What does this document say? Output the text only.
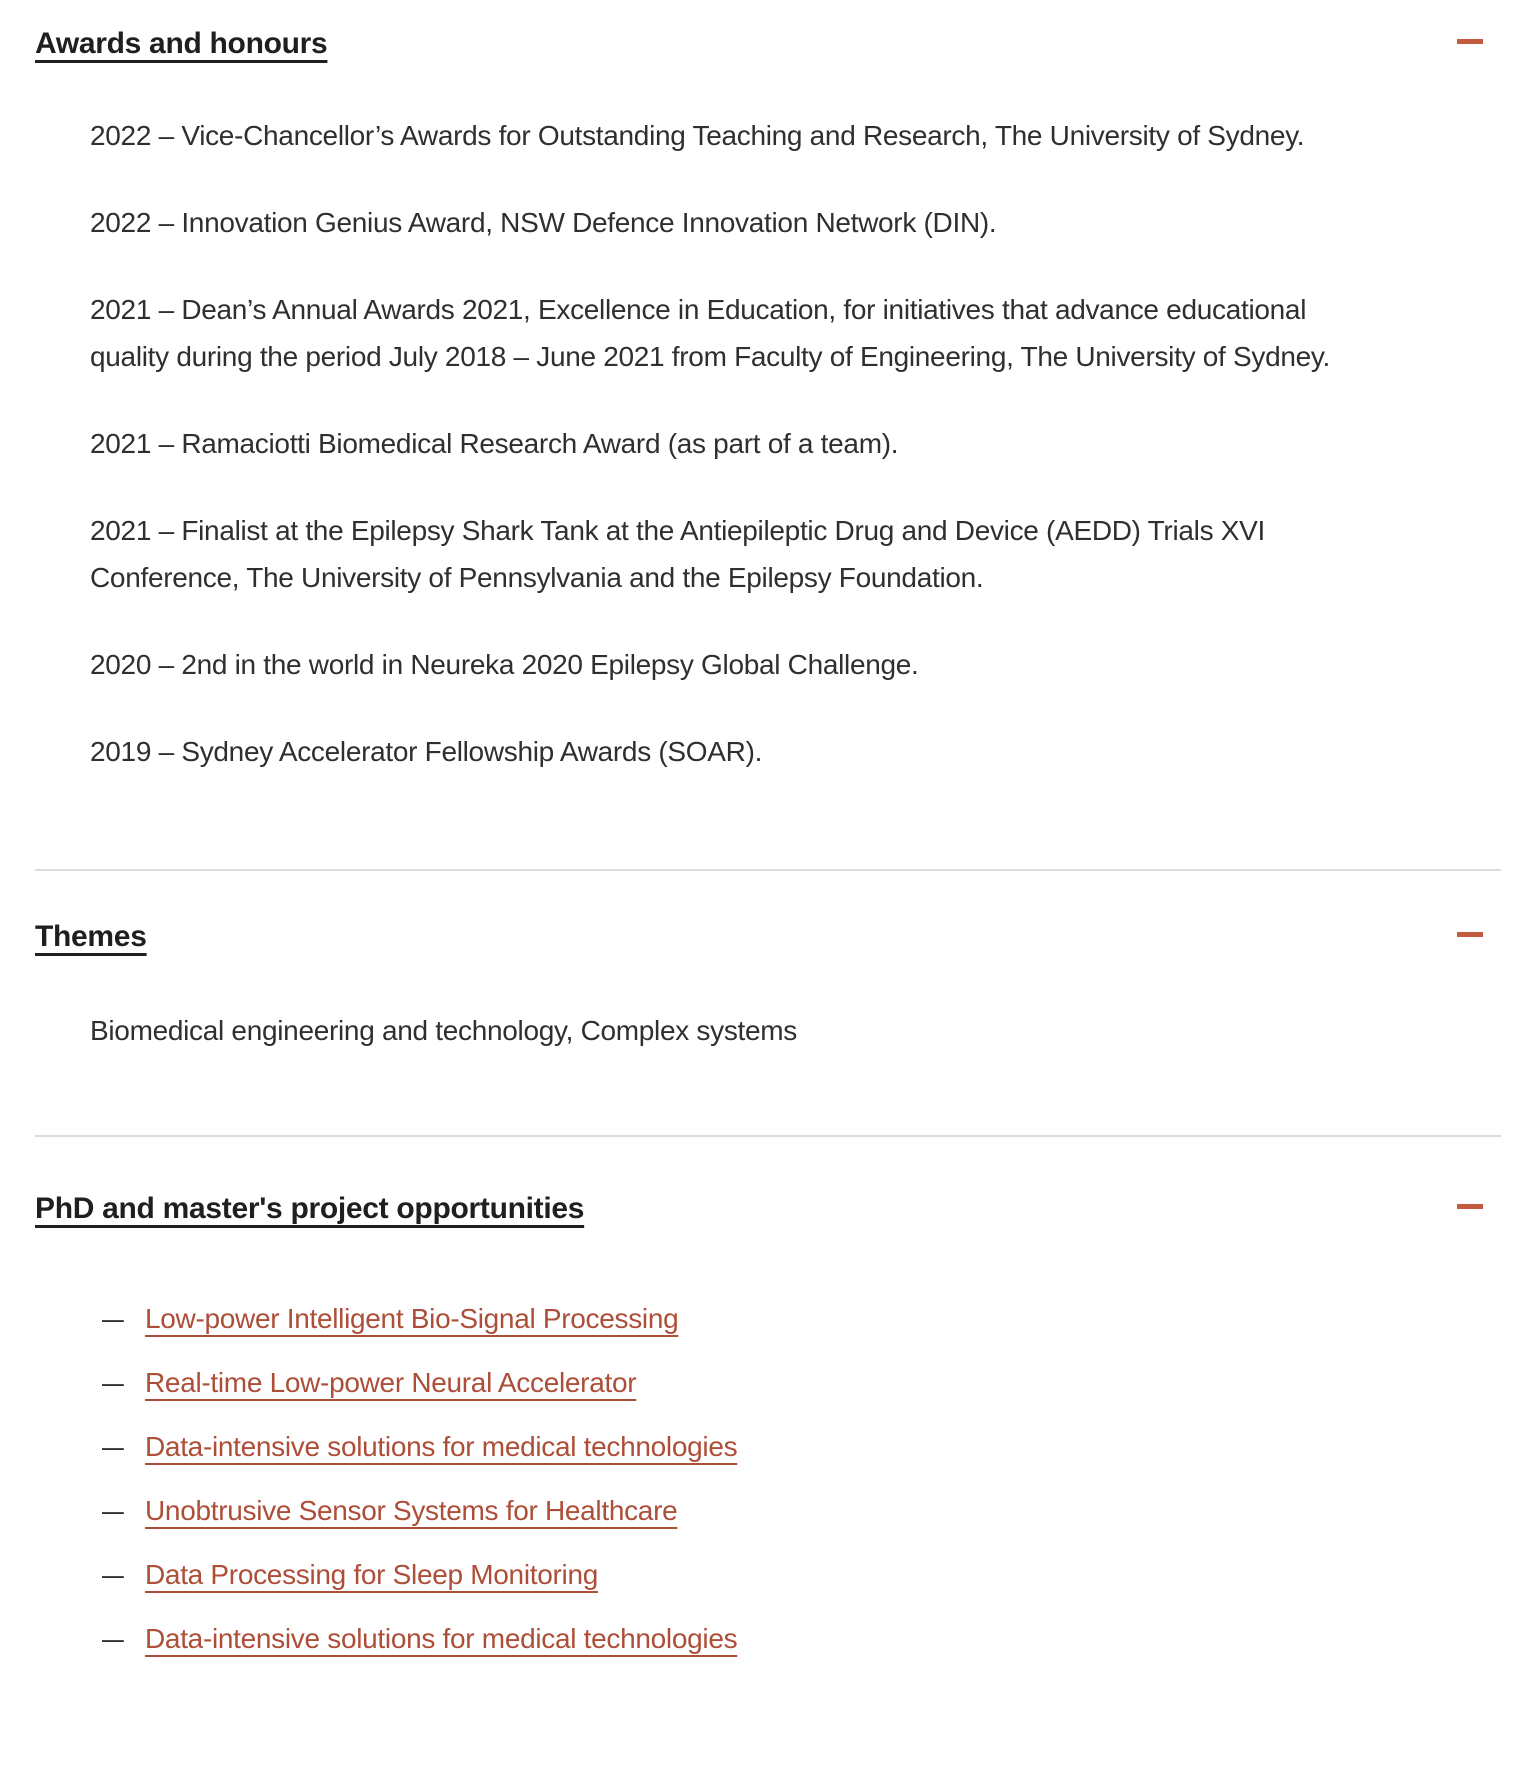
Awards and honours

2022 – Vice-Chancellor’s Awards for Outstanding Teaching and Research, The University of Sydney.

2022 – Innovation Genius Award, NSW Defence Innovation Network (DIN).

2021 – Dean’s Annual Awards 2021, Excellence in Education, for initiatives that advance educational quality during the period July 2018 – June 2021 from Faculty of Engineering, The University of Sydney.

2021 – Ramaciotti Biomedical Research Award (as part of a team).

2021 – Finalist at the Epilepsy Shark Tank at the Antiepileptic Drug and Device (AEDD) Trials XVI Conference, The University of Pennsylvania and the Epilepsy Foundation.

2020 – 2nd in the world in Neureka 2020 Epilepsy Global Challenge.

2019 – Sydney Accelerator Fellowship Awards (SOAR).

Themes

Biomedical engineering and technology, Complex systems

PhD and master's project opportunities
– Low-power Intelligent Bio-Signal Processing
– Real-time Low-power Neural Accelerator
– Data-intensive solutions for medical technologies
– Unobtrusive Sensor Systems for Healthcare
– Data Processing for Sleep Monitoring
– Data-intensive solutions for medical technologies
